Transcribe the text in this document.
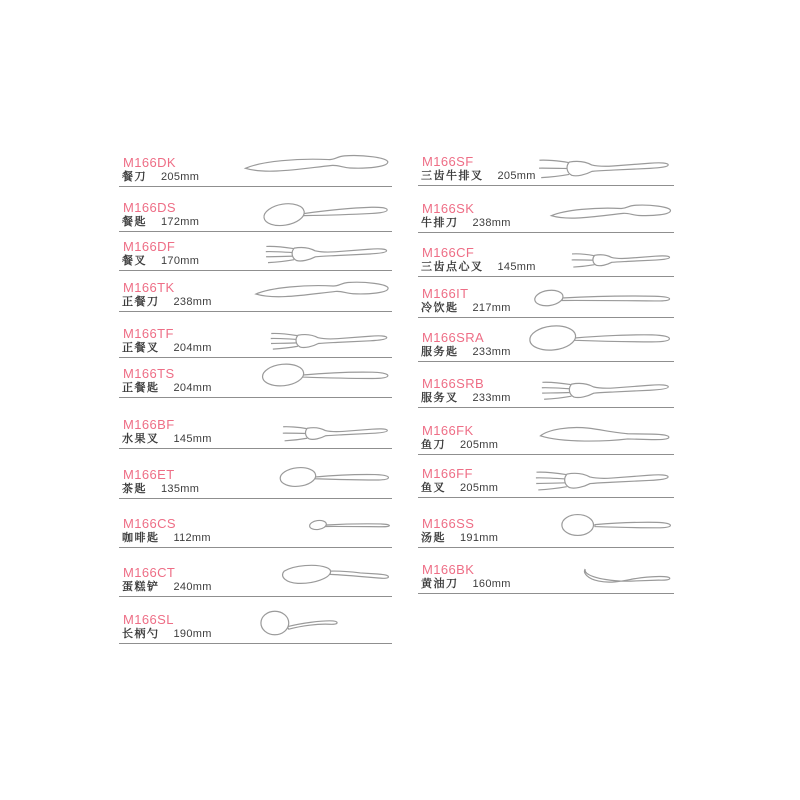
M166DK
餐刀 205mm
M166DS
餐匙 172mm
M166DF
餐叉 170mm
M166TK
正餐刀 238mm
M166TF
正餐叉 204mm
M166TS
正餐匙 204mm
M166BF
水果叉 145mm
M166ET
茶匙 135mm
M166CS
咖啡匙 112mm
M166CT
蛋糕铲 240mm
M166SL
长柄勺 190mm
M166SF
三齿牛排叉 205mm
M166SK
牛排刀 238mm
M166CF
三齿点心叉 145mm
M166IT
冷饮匙 217mm
M166SRA
服务匙 233mm
M166SRB
服务叉 233mm
M166FK
鱼刀 205mm
M166FF
鱼叉 205mm
M166SS
汤匙 191mm
M166BK
黄油刀 160mm
